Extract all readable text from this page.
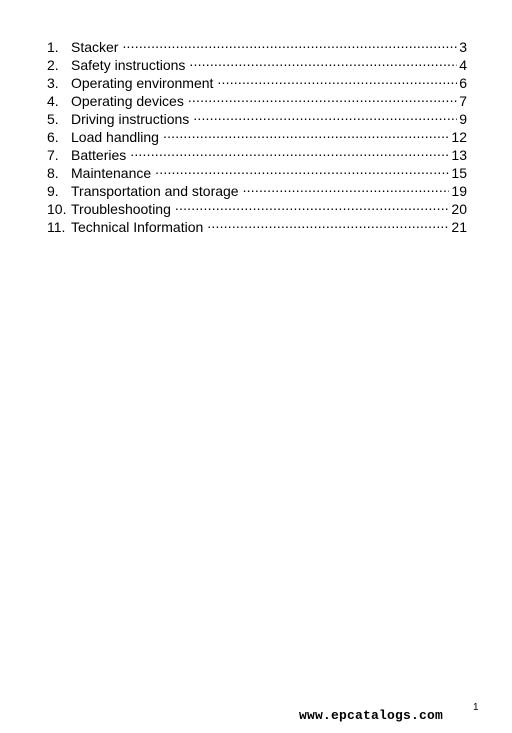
1. Stacker .....	3
2. Safety instructions .....	4
3. Operating environment .....	6
4. Operating devices .....	7
5. Driving instructions .....	9
6. Load handling .....	12
7. Batteries .....	13
8. Maintenance .....	15
9. Transportation and storage .....	19
10. Troubleshooting .....	20
11. Technical Information .....	21
www.epcatalogs.com
1
